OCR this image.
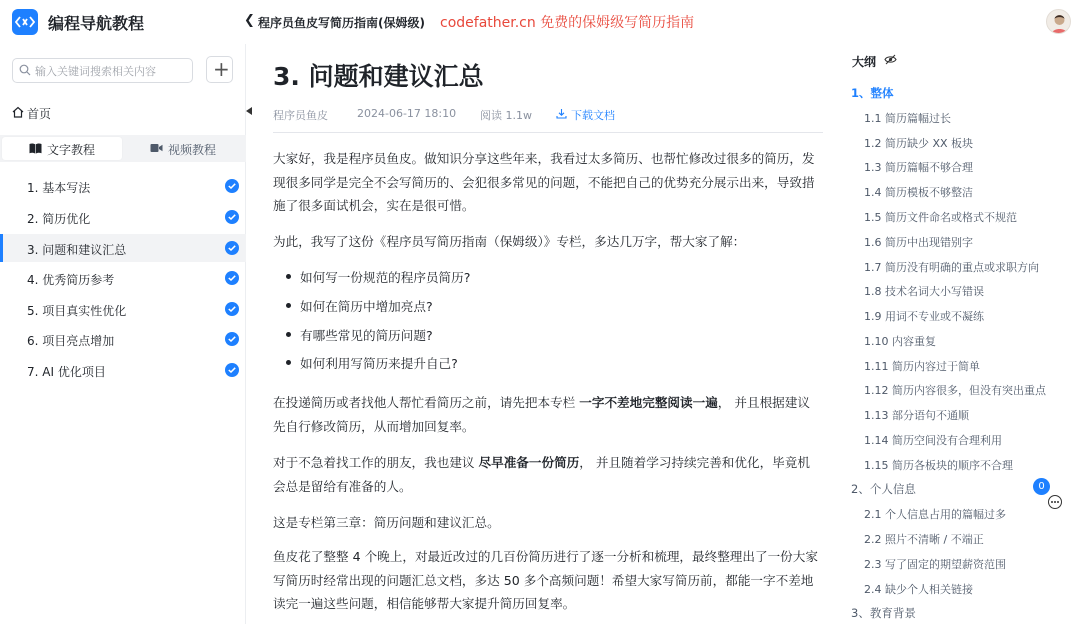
编程导航教程	❮ 程序员鱼皮写简历指南(保姆级) codefather.cn 免费的保姆级写简历指南
输入关键词搜索相关内容
+
首页
文字教程	视频教程
1. 基本写法
2. 简历优化
3. 问题和建议汇总
4. 优秀简历参考
5. 项目真实性优化
6. 项目亮点增加
7. AI 优化项目
3. 问题和建议汇总
程序员鱼皮	2024-06-17 18:10 阅读 1.1w	下载文档

大家好，我是程序员鱼皮。做知识分享这些年来，我看过太多简历、也帮忙修改过很多的简历，发现很多同学是完全不会写简历的、会犯很多常见的问题，不能把自己的优势充分展示出来，导致措施了很多面试机会，实在是很可惜。

为此，我写了这份《程序员写简历指南（保姆级）》专栏，多达几万字，帮大家了解：

如何写一份规范的程序员简历?
如何在简历中增加亮点?
有哪些常见的简历问题?
如何利用写简历来提升自己?

在投递简历或者找他人帮忙看简历之前，请先把本专栏 一字不差地完整阅读一遍， 并且根据建议先自行修改简历，从而增加回复率。

对于不急着找工作的朋友，我也建议 尽早准备一份简历， 并且随着学习持续完善和优化，毕竟机会总是留给有准备的人。

这是专栏第三章：简历问题和建议汇总。

鱼皮花了整整 4 个晚上，对最近改过的几百份简历进行了逐一分析和梳理，最终整理出了一份大家写简历时经常出现的问题汇总文档，多达 50 多个高频问题！希望大家写简历前，都能一字不差地读完一遍这些问题，相信能够帮大家提升简历回复率。

大纲
1、整体
1.1 简历篇幅过长
1.2 简历缺少 XX 板块
1.3 简历篇幅不够合理
1.4 简历模板不够整洁
1.5 简历文件命名或格式不规范
1.6 简历中出现错别字
1.7 简历没有明确的重点或求职方向
1.8 技术名词大小写错误
1.9 用词不专业或不凝练
1.10 内容重复
1.11 简历内容过于简单
1.12 简历内容很多，但没有突出重点
1.13 部分语句不通顺
1.14 简历空间没有合理利用
1.15 简历各板块的顺序不合理
2、个人信息
2.1 个人信息占用的篇幅过多
2.2 照片不清晰 / 不端正
2.3 写了固定的期望薪资范围
2.4 缺少个人相关链接
3、教育背景
0
